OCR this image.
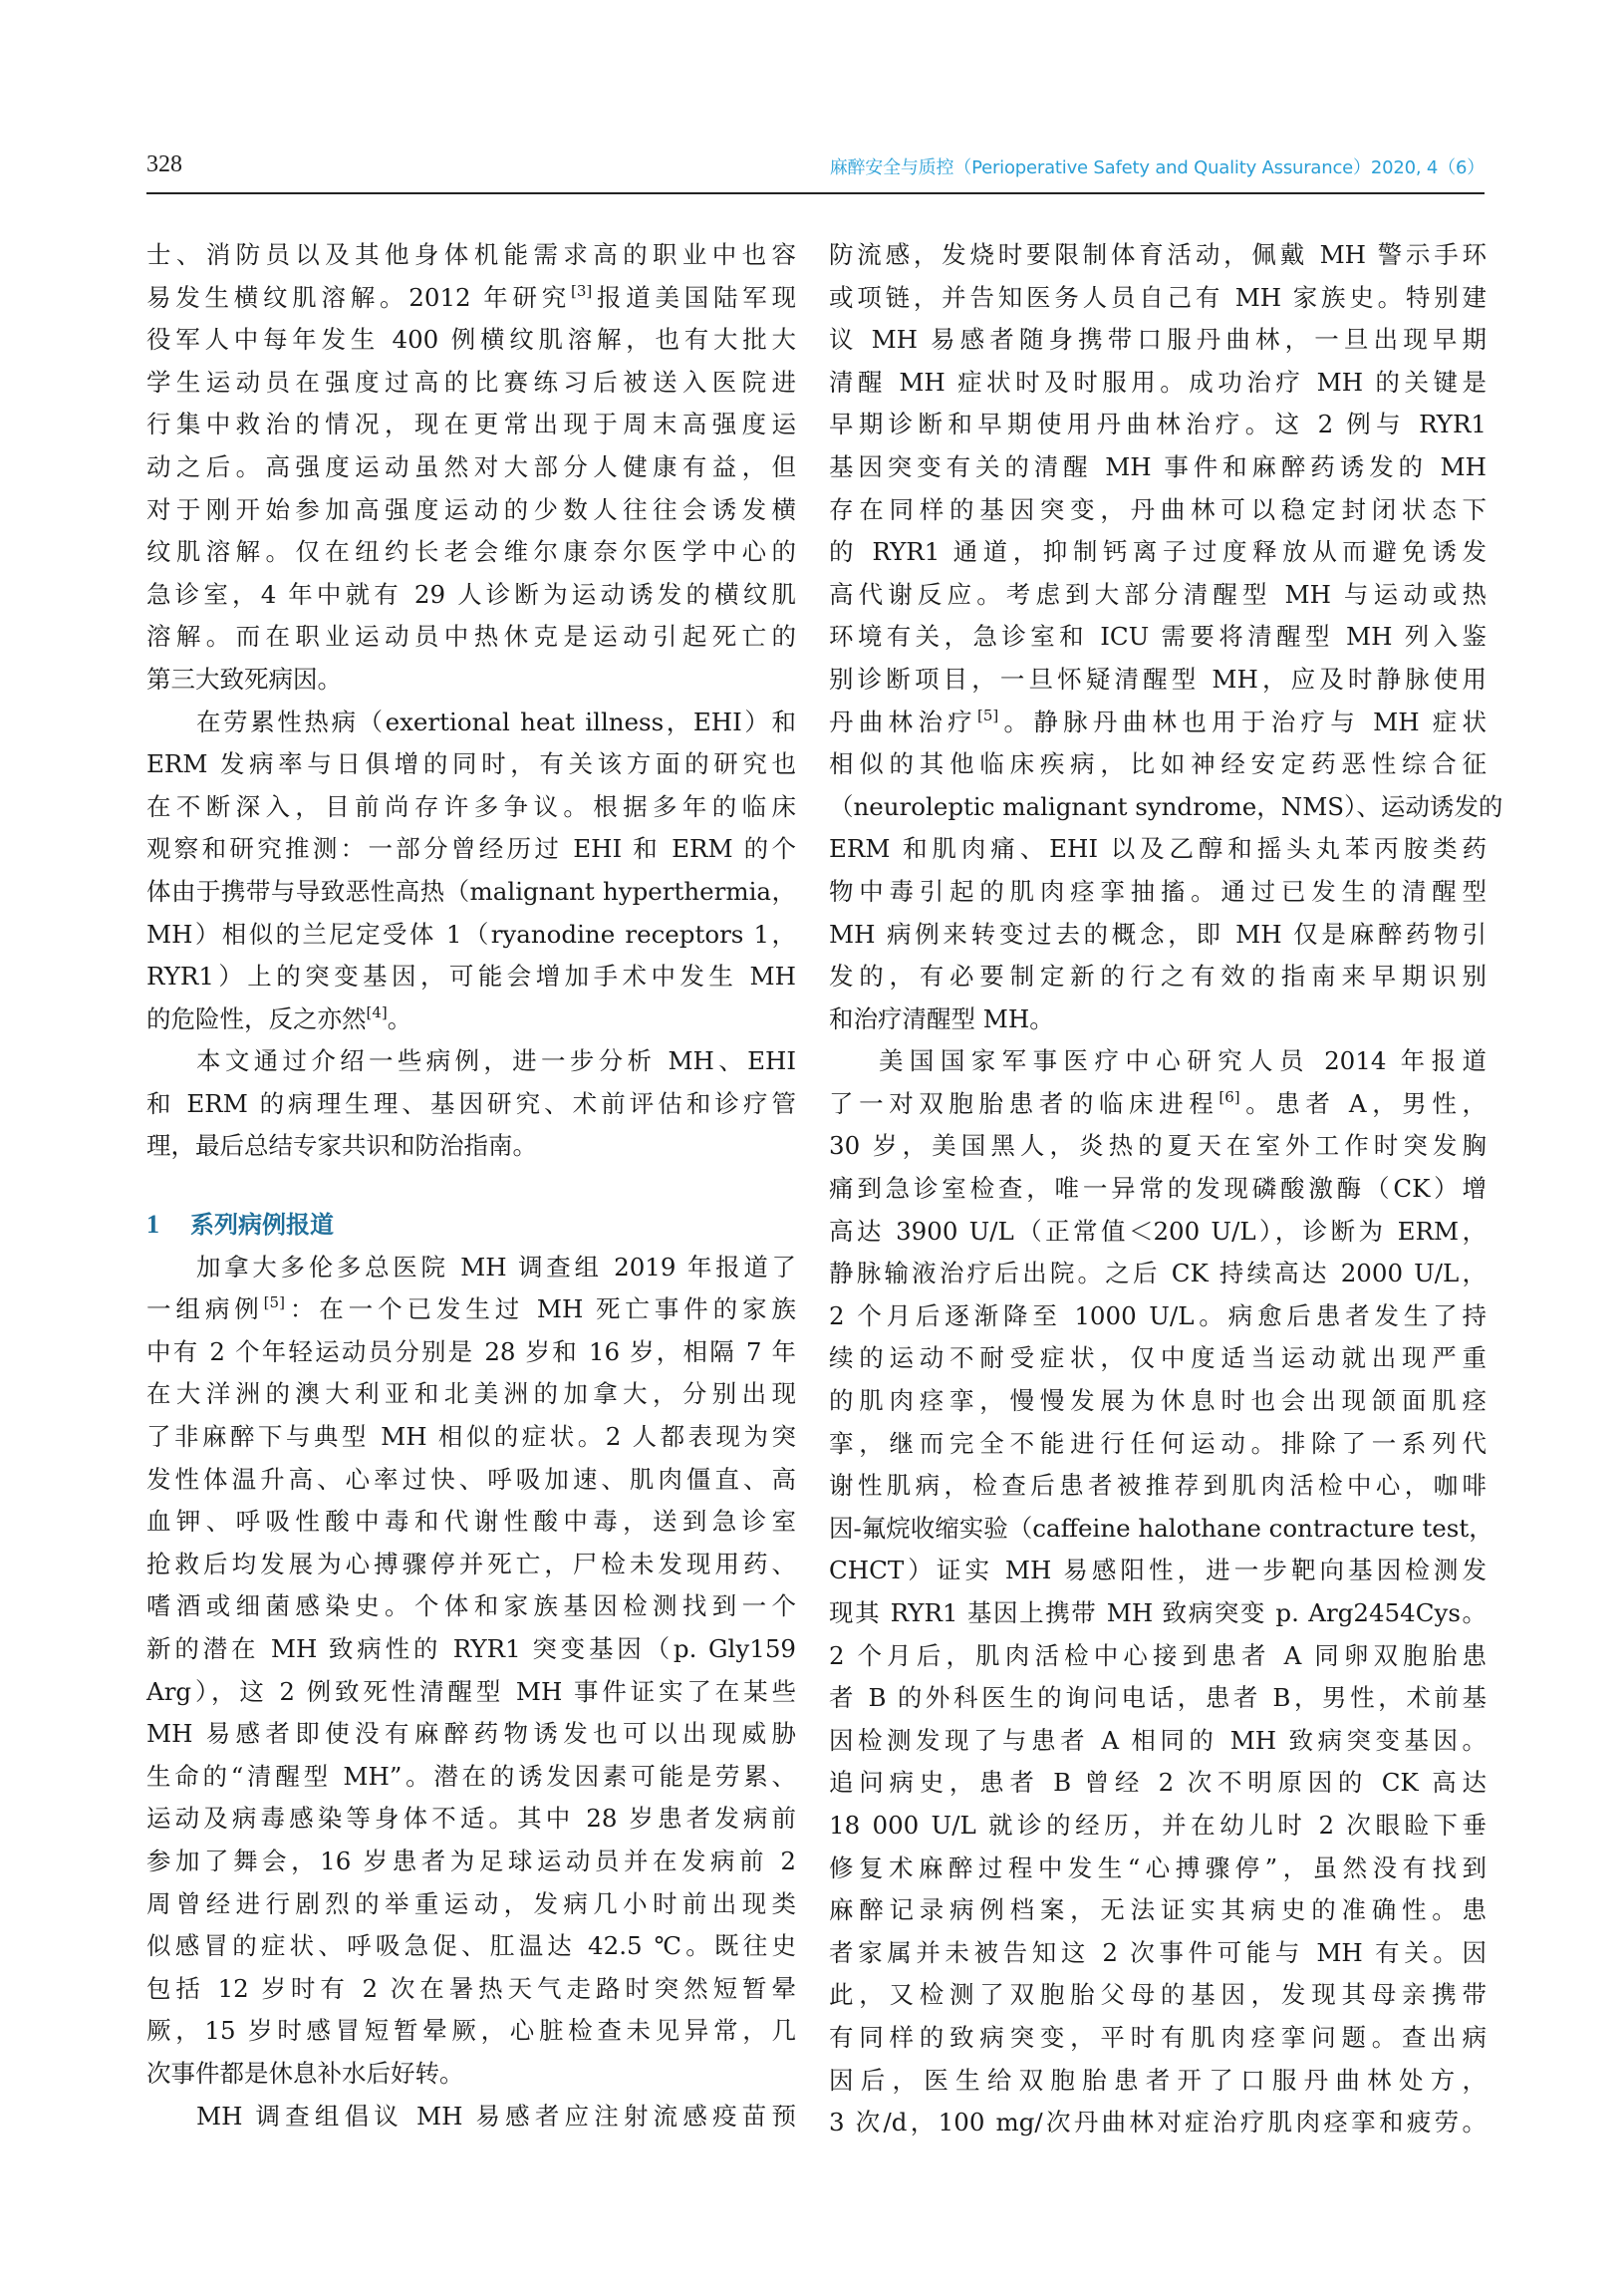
328	麻醉安全与质控（Perioperative Safety and Quality Assurance）2020, 4（6）
士、消防员以及其他身体机能需求高的职业中也容
易发生横纹肌溶解。2012 年研究[3]报道美国陆军现
役军人中每年发生 400 例横纹肌溶解，也有大批大
学生运动员在强度过高的比赛练习后被送入医院进
行集中救治的情况，现在更常出现于周末高强度运
动之后。高强度运动虽然对大部分人健康有益，但
对于刚开始参加高强度运动的少数人往往会诱发横
纹肌溶解。仅在纽约长老会维尔康奈尔医学中心的
急诊室，4 年中就有 29 人诊断为运动诱发的横纹肌
溶解。而在职业运动员中热休克是运动引起死亡的
第三大致死病因。
在劳累性热病（exertional heat illness，EHI）和
ERM 发病率与日俱增的同时，有关该方面的研究也
在不断深入，目前尚存许多争议。根据多年的临床
观察和研究推测：一部分曾经历过 EHI 和 ERM 的个
体由于携带与导致恶性高热（malignant hyperthermia，
MH）相似的兰尼定受体 1（ryanodine receptors 1，
RYR1）上的突变基因，可能会增加手术中发生 MH
的危险性，反之亦然[4]。
本文通过介绍一些病例，进一步分析 MH、EHI
和 ERM 的病理生理、基因研究、术前评估和诊疗管
理，最后总结专家共识和防治指南。
1 系列病例报道
加拿大多伦多总医院 MH 调查组 2019 年报道了
一组病例[5]：在一个已发生过 MH 死亡事件的家族
中有 2 个年轻运动员分别是 28 岁和 16 岁，相隔 7 年
在大洋洲的澳大利亚和北美洲的加拿大，分别出现
了非麻醉下与典型 MH 相似的症状。2 人都表现为突
发性体温升高、心率过快、呼吸加速、肌肉僵直、高
血钾、呼吸性酸中毒和代谢性酸中毒，送到急诊室
抢救后均发展为心搏骤停并死亡，尸检未发现用药、
嗜酒或细菌感染史。个体和家族基因检测找到一个
新的潜在 MH 致病性的 RYR1 突变基因（p. Gly159
Arg），这 2 例致死性清醒型 MH 事件证实了在某些
MH 易感者即使没有麻醉药物诱发也可以出现威胁
生命的“清醒型 MH”。潜在的诱发因素可能是劳累、
运动及病毒感染等身体不适。其中 28 岁患者发病前
参加了舞会，16 岁患者为足球运动员并在发病前 2
周曾经进行剧烈的举重运动，发病几小时前出现类
似感冒的症状、呼吸急促、肛温达 42.5 ℃。既往史
包括 12 岁时有 2 次在暑热天气走路时突然短暂晕
厥，15 岁时感冒短暂晕厥，心脏检查未见异常，几
次事件都是休息补水后好转。
MH 调查组倡议 MH 易感者应注射流感疫苗预
防流感，发烧时要限制体育活动，佩戴 MH 警示手环
或项链，并告知医务人员自己有 MH 家族史。特别建
议 MH 易感者随身携带口服丹曲林，一旦出现早期
清醒 MH 症状时及时服用。成功治疗 MH 的关键是
早期诊断和早期使用丹曲林治疗。这 2 例与 RYR1
基因突变有关的清醒 MH 事件和麻醉药诱发的 MH
存在同样的基因突变，丹曲林可以稳定封闭状态下
的 RYR1 通道，抑制钙离子过度释放从而避免诱发
高代谢反应。考虑到大部分清醒型 MH 与运动或热
环境有关，急诊室和 ICU 需要将清醒型 MH 列入鉴
别诊断项目，一旦怀疑清醒型 MH，应及时静脉使用
丹曲林治疗[5]。静脉丹曲林也用于治疗与 MH 症状
相似的其他临床疾病，比如神经安定药恶性综合征
（neuroleptic malignant syndrome，NMS）、运动诱发的
ERM 和肌肉痛、EHI 以及乙醇和摇头丸苯丙胺类药
物中毒引起的肌肉痉挛抽搐。通过已发生的清醒型
MH 病例来转变过去的概念，即 MH 仅是麻醉药物引
发的，有必要制定新的行之有效的指南来早期识别
和治疗清醒型 MH。
美国国家军事医疗中心研究人员 2014 年报道
了一对双胞胎患者的临床进程[6]。患者 A，男性，
30 岁，美国黑人，炎热的夏天在室外工作时突发胸
痛到急诊室检查，唯一异常的发现磷酸激酶（CK）增
高达 3900 U/L（正常值＜200 U/L），诊断为 ERM，
静脉输液治疗后出院。之后 CK 持续高达 2000 U/L，
2 个月后逐渐降至 1000 U/L。病愈后患者发生了持
续的运动不耐受症状，仅中度适当运动就出现严重
的肌肉痉挛，慢慢发展为休息时也会出现颌面肌痉
挛，继而完全不能进行任何运动。排除了一系列代
谢性肌病，检查后患者被推荐到肌肉活检中心，咖啡
因-氟烷收缩实验（caffeine halothane contracture test，
CHCT）证实 MH 易感阳性，进一步靶向基因检测发
现其 RYR1 基因上携带 MH 致病突变 p. Arg2454Cys。
2 个月后，肌肉活检中心接到患者 A 同卵双胞胎患
者 B 的外科医生的询问电话，患者 B，男性，术前基
因检测发现了与患者 A 相同的 MH 致病突变基因。
追问病史，患者 B 曾经 2 次不明原因的 CK 高达
18 000 U/L 就诊的经历，并在幼儿时 2 次眼睑下垂
修复术麻醉过程中发生“心搏骤停”，虽然没有找到
麻醉记录病例档案，无法证实其病史的准确性。患
者家属并未被告知这 2 次事件可能与 MH 有关。因
此，又检测了双胞胎父母的基因，发现其母亲携带
有同样的致病突变，平时有肌肉痉挛问题。查出病
因后，医生给双胞胎患者开了口服丹曲林处方，
3 次/d，100 mg/次丹曲林对症治疗肌肉痉挛和疲劳。
